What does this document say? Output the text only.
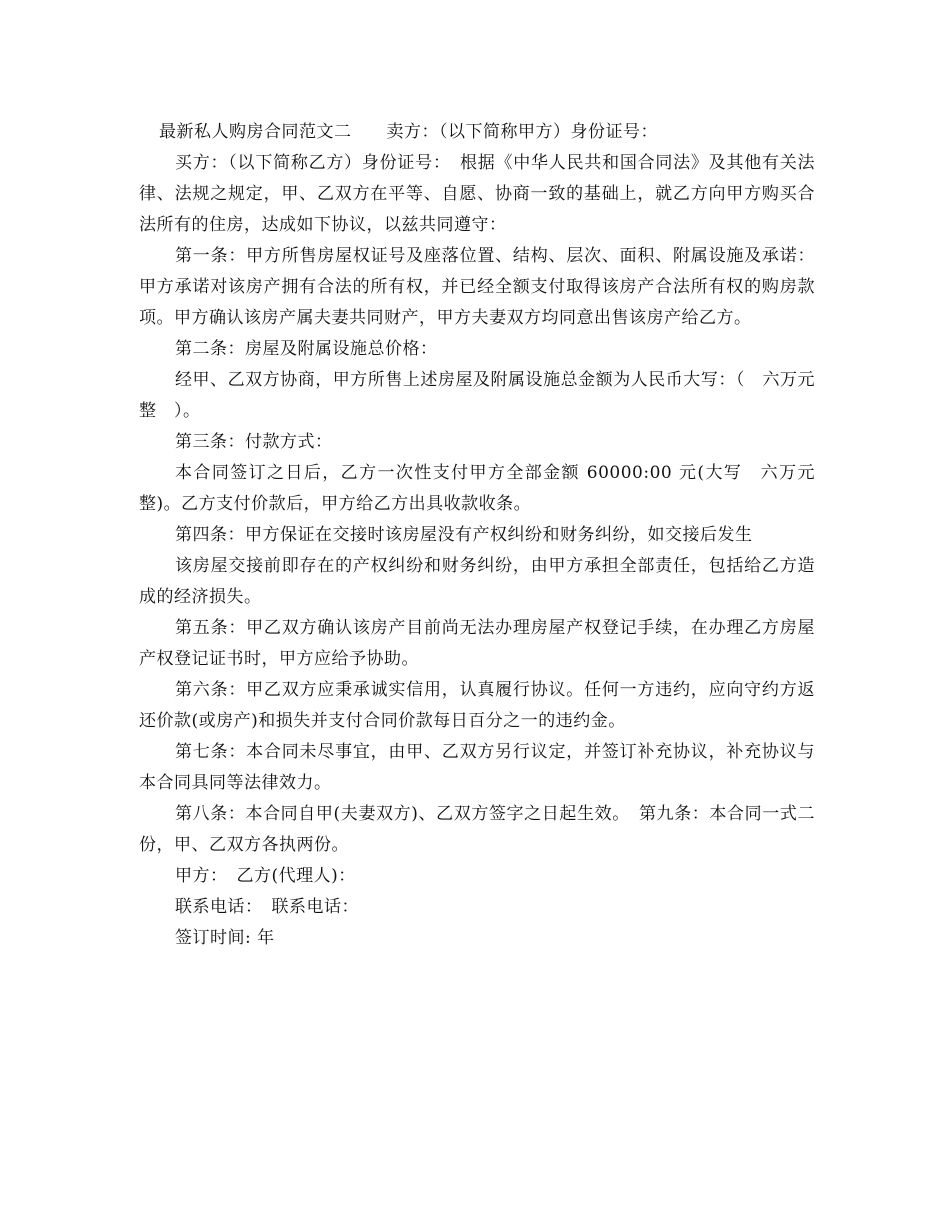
最新私人购房合同范文二　　卖方：（以下简称甲方）身份证号：

买方：（以下简称乙方）身份证号：　根据《中华人民共和国合同法》及其他有关法律、法规之规定，甲、乙双方在平等、自愿、协商一致的基础上，就乙方向甲方购买合法所有的住房，达成如下协议，以兹共同遵守：

第一条：甲方所售房屋权证号及座落位置、结构、层次、面积、附属设施及承诺：甲方承诺对该房产拥有合法的所有权，并已经全额支付取得该房产合法所有权的购房款项。甲方确认该房产属夫妻共同财产，甲方夫妻双方均同意出售该房产给乙方。

第二条：房屋及附属设施总价格：

经甲、乙双方协商，甲方所售上述房屋及附属设施总金额为人民币大写：（　六万元整　）。

第三条：付款方式：

本合同签订之日后，乙方一次性支付甲方全部金额 60000:00 元(大写　六万元整)。乙方支付价款后，甲方给乙方出具收款收条。

第四条：甲方保证在交接时该房屋没有产权纠纷和财务纠纷，如交接后发生

该房屋交接前即存在的产权纠纷和财务纠纷，由甲方承担全部责任，包括给乙方造成的经济损失。

第五条：甲乙双方确认该房产目前尚无法办理房屋产权登记手续，在办理乙方房屋产权登记证书时，甲方应给予协助。

第六条：甲乙双方应秉承诚实信用，认真履行协议。任何一方违约，应向守约方返还价款(或房产)和损失并支付合同价款每日百分之一的违约金。

第七条：本合同未尽事宜，由甲、乙双方另行议定，并签订补充协议，补充协议与本合同具同等法律效力。

第八条：本合同自甲(夫妻双方)、乙双方签字之日起生效。　第九条：本合同一式二份，甲、乙双方各执两份。

甲方：　乙方(代理人)：

联系电话：　联系电话：

签订时间: 年
